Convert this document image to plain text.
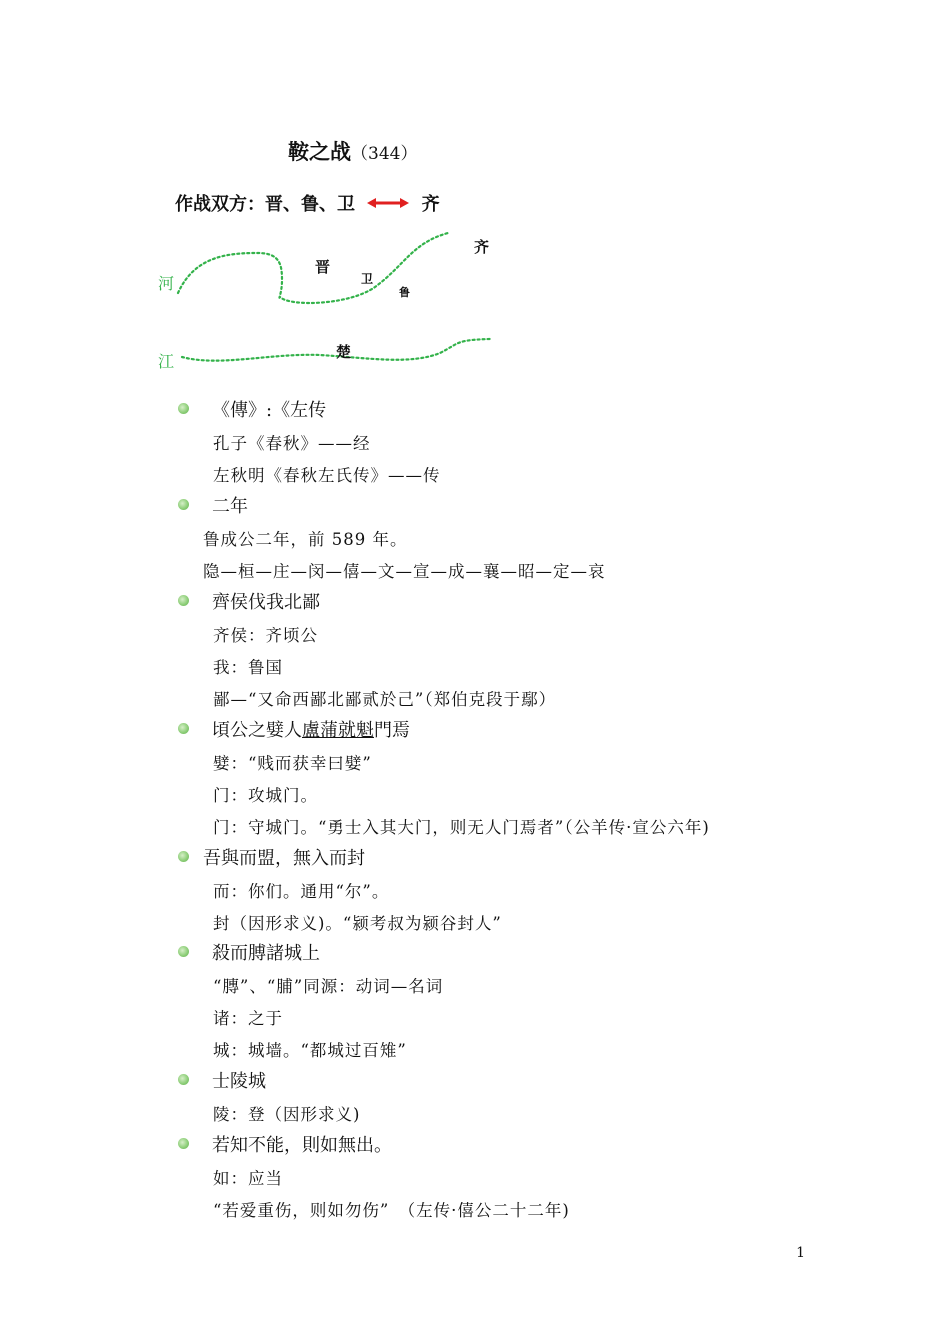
鞍之战（344）
作战双方：晋、鲁、卫	齐
河
江
晋
卫
鲁
齐
楚
《傳》:《左传
孔子《春秋》——经
左秋明《春秋左氏传》——传
二年
鲁成公二年，前 589 年。
隐—桓—庄—闵—僖—文—宣—成—襄—昭—定—哀
齊侯伐我北鄙
齐侯：齐顷公
我：鲁国
鄙—“又命西鄙北鄙贰於己”（郑伯克段于鄢）
頃公之嬖人盧蒲就魁門焉
嬖：“贱而获幸曰嬖”
门：攻城门。
门：守城门。“勇士入其大门，则无人门焉者”（公羊传·宣公六年)
吾與而盟，無入而封
而：你们。通用“尔”。
封（因形求义)。“颍考叔为颍谷封人”
殺而膊諸城上
“膞”、“脯”同源：动词—名词
诸：之于
城：城墙。“都城过百雉”
士陵城
陵：登（因形求义)
若知不能，則如無出。
如：应当
“若爱重伤，则如勿伤”　（左传·僖公二十二年)
1
